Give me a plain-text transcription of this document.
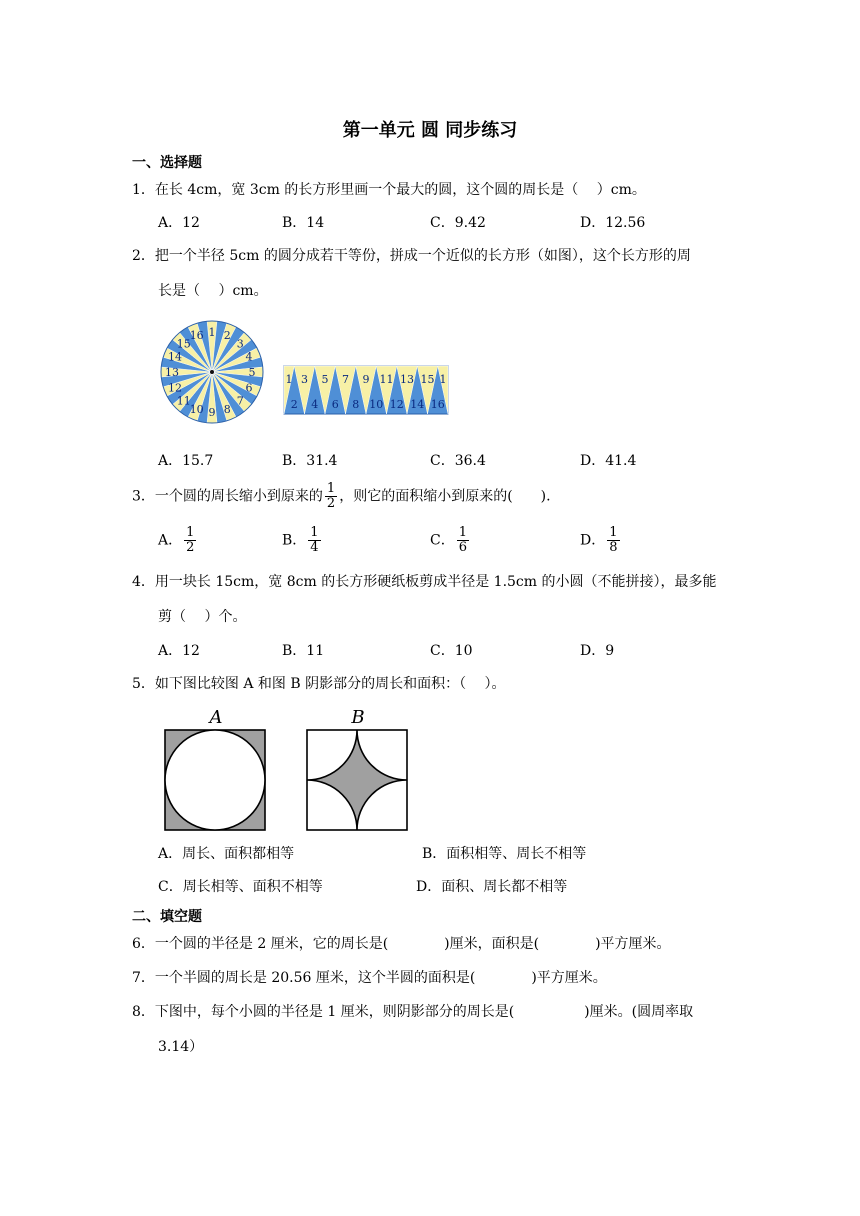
第一单元 圆 同步练习
一、选择题
1．在长 4cm，宽 3cm 的长方形里画一个最大的圆，这个圆的周长是（　 ）cm。
A．12	B．14	C．9.42	D．12.56
2．把一个半径 5cm 的圆分成若干等份，拼成一个近似的长方形（如图），这个长方形的周
长是（　 ）cm。
1 2
3
4
5
6
7
8
9
10
11
12
13
14
15
16
1 3 5 7 9 11 13 15 1
2 4 6 8 10 12 14 16
A．15.7	B．31.4	C．36.4	D．41.4
3．一个圆的周长缩小到原来的 $\frac{1}{2}$ ，则它的面积缩小到原来的(　　).
A． $\frac{1}{2}$	B． $\frac{1}{4}$	C． $\frac{1}{6}$	D． $\frac{1}{8}$
4．用一块长 15cm，宽 8cm 的长方形硬纸板剪成半径是 1.5cm 的小圆（不能拼接），最多能
剪（　 ）个。
A．12	B．11	C．10	D．9
5．如下图比较图 A 和图 B 阴影部分的周长和面积：（　 ）。
A	B
A．周长、面积都相等	B．面积相等、周长不相等
C．周长相等、面积不相等	D．面积、周长都不相等
二、填空题
6．一个圆的半径是 2 厘米，它的周长是(　　　　)厘米，面积是(　　　　)平方厘米。
7．一个半圆的周长是 20.56 厘米，这个半圆的面积是(　　　　)平方厘米。
8．下图中，每个小圆的半径是 1 厘米，则阴影部分的周长是(　　　　　)厘米。(圆周率取
3.14）
